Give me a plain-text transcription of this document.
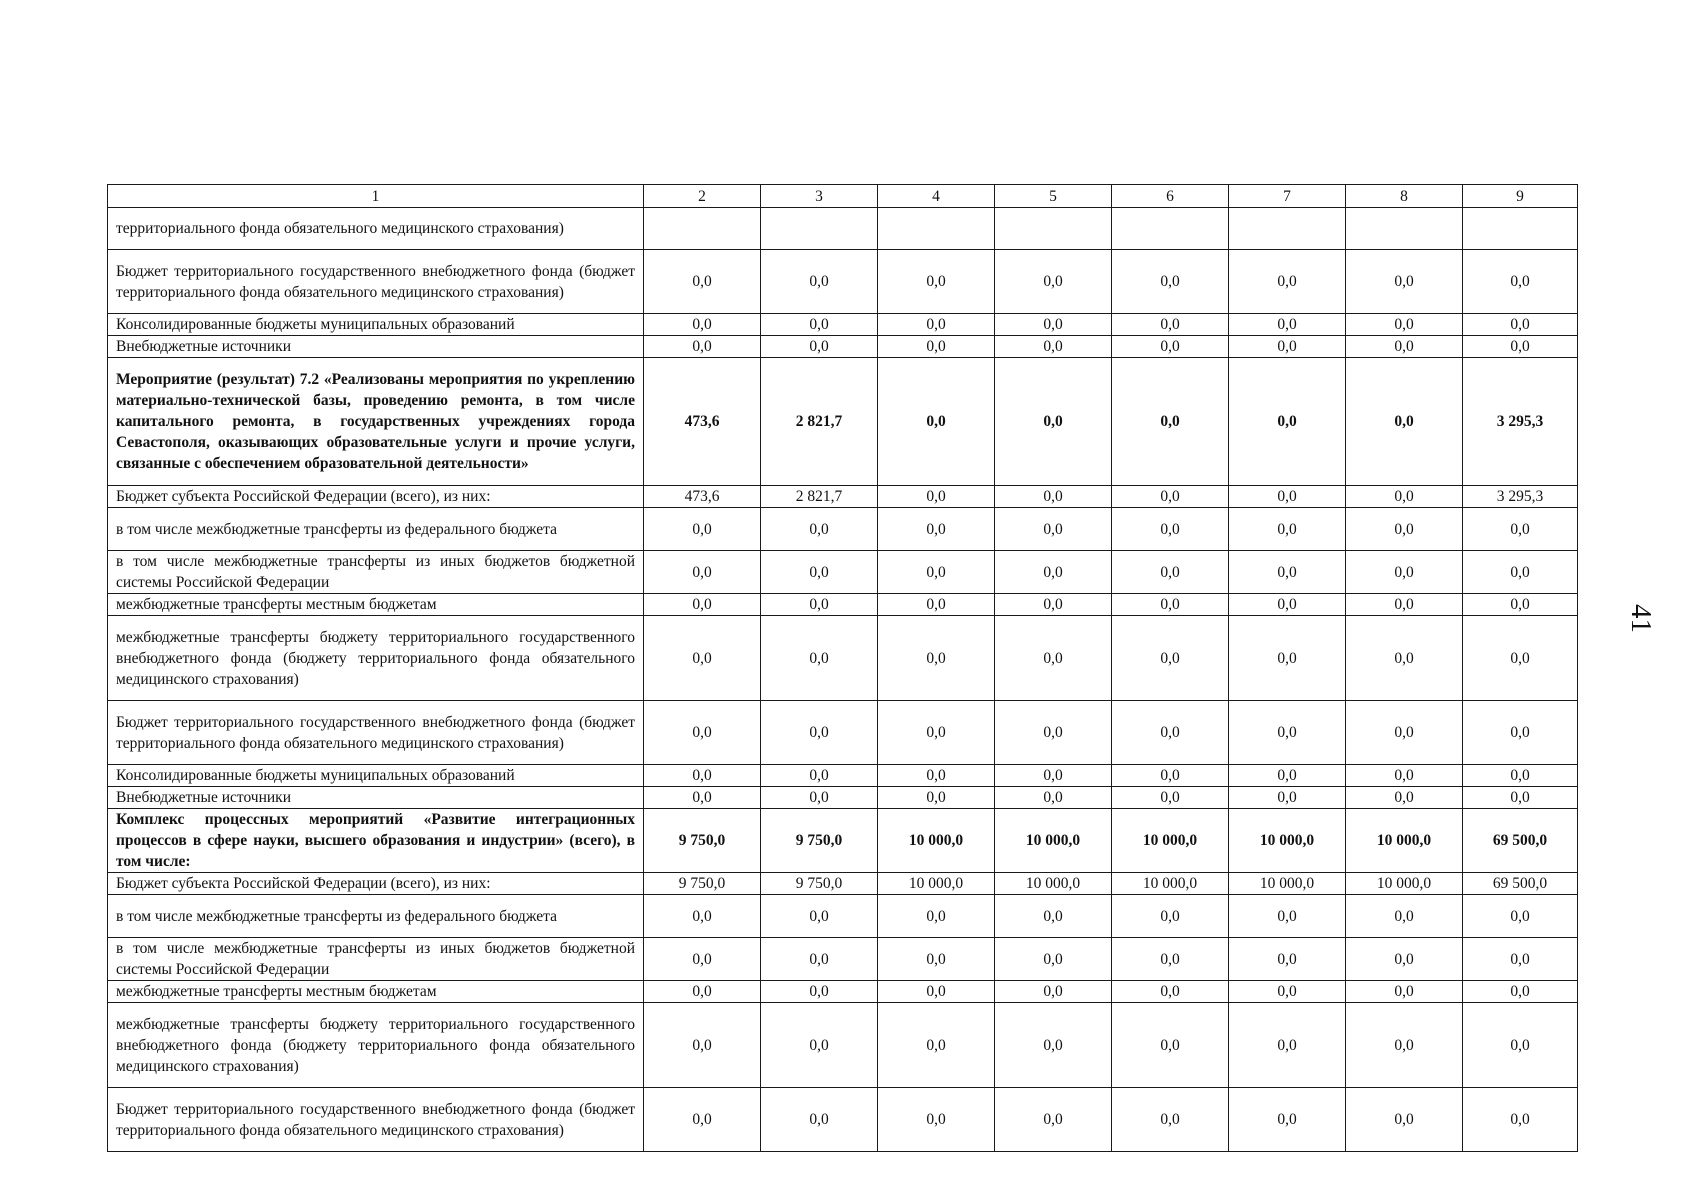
1	2	3	4	5	6	7	8	9
территориального фонда обязательного медицинского страхования)								
Бюджет территориального государственного внебюджетного фонда (бюджет территориального фонда обязательного медицинского страхования)	0,0	0,0	0,0	0,0	0,0	0,0	0,0	0,0
Консолидированные бюджеты муниципальных образований	0,0	0,0	0,0	0,0	0,0	0,0	0,0	0,0
Внебюджетные источники	0,0	0,0	0,0	0,0	0,0	0,0	0,0	0,0
Мероприятие (результат) 7.2 «Реализованы мероприятия по укреплению материально-технической базы, проведению ремонта, в том числе капитального ремонта, в государственных учреждениях города Севастополя, оказывающих образовательные услуги и прочие услуги, связанные с обеспечением образовательной деятельности»	473,6	2 821,7	0,0	0,0	0,0	0,0	0,0	3 295,3
Бюджет субъекта Российской Федерации (всего), из них:	473,6	2 821,7	0,0	0,0	0,0	0,0	0,0	3 295,3
в том числе межбюджетные трансферты из федерального бюджета	0,0	0,0	0,0	0,0	0,0	0,0	0,0	0,0
в том числе межбюджетные трансферты из иных бюджетов бюджетной системы Российской Федерации	0,0	0,0	0,0	0,0	0,0	0,0	0,0	0,0
межбюджетные трансферты местным бюджетам	0,0	0,0	0,0	0,0	0,0	0,0	0,0	0,0
межбюджетные трансферты бюджету территориального государственного внебюджетного фонда (бюджету территориального фонда обязательного медицинского страхования)	0,0	0,0	0,0	0,0	0,0	0,0	0,0	0,0
Бюджет территориального государственного внебюджетного фонда (бюджет территориального фонда обязательного медицинского страхования)	0,0	0,0	0,0	0,0	0,0	0,0	0,0	0,0
Консолидированные бюджеты муниципальных образований	0,0	0,0	0,0	0,0	0,0	0,0	0,0	0,0
Внебюджетные источники	0,0	0,0	0,0	0,0	0,0	0,0	0,0	0,0
Комплекс процессных мероприятий «Развитие интеграционных процессов в сфере науки, высшего образования и индустрии» (всего), в том числе:	9 750,0	9 750,0	10 000,0	10 000,0	10 000,0	10 000,0	10 000,0	69 500,0
Бюджет субъекта Российской Федерации (всего), из них:	9 750,0	9 750,0	10 000,0	10 000,0	10 000,0	10 000,0	10 000,0	69 500,0
в том числе межбюджетные трансферты из федерального бюджета	0,0	0,0	0,0	0,0	0,0	0,0	0,0	0,0
в том числе межбюджетные трансферты из иных бюджетов бюджетной системы Российской Федерации	0,0	0,0	0,0	0,0	0,0	0,0	0,0	0,0
межбюджетные трансферты местным бюджетам	0,0	0,0	0,0	0,0	0,0	0,0	0,0	0,0
межбюджетные трансферты бюджету территориального государственного внебюджетного фонда (бюджету территориального фонда обязательного медицинского страхования)	0,0	0,0	0,0	0,0	0,0	0,0	0,0	0,0
Бюджет территориального государственного внебюджетного фонда (бюджет территориального фонда обязательного медицинского страхования)	0,0	0,0	0,0	0,0	0,0	0,0	0,0	0,0
41
